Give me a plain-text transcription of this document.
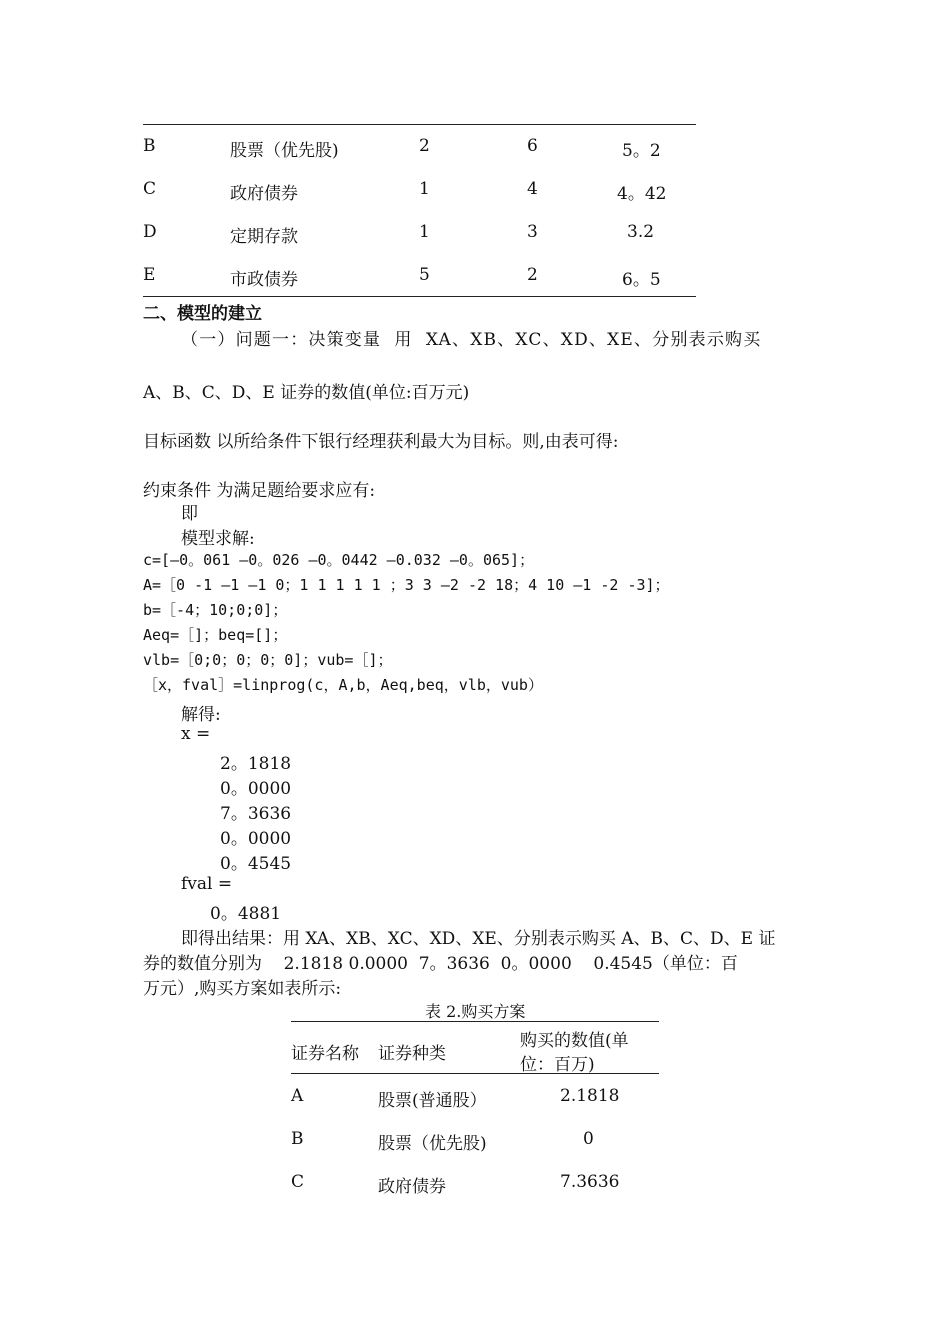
B	股票（优先股)	2	6	5。2
C	政府债券	1	4	4。42
D	定期存款	1	3	3.2
E	市政债券	5	2	6。5
二、模型的建立
（一）问题一：决策变量  用  XA、XB、XC、XD、XE、分别表示购买
A、B、C、D、E 证券的数值(单位:百万元)
目标函数 以所给条件下银行经理获利最大为目标。则,由表可得:
约束条件 为满足题给要求应有:
即
模型求解:
c=[—0。061 —0。026 —0。0442 —0.032 —0。065]；
A=［0 -1 —1 —1 0；1 1 1 1 1 ；3 3 —2 -2 18；4 10 —1 -2 -3]；
b=［-4；10;0;0]；
Aeq=［]；beq=[]；
vlb=［0;0；0；0；0]；vub=［]；
［x，fval］=linprog(c，A,b，Aeq,beq，vlb，vub）
解得:
x =
2。1818
0。0000
7。3636
0。0000
0。4545
fval =
0。4881
即得出结果：用 XA、XB、XC、XD、XE、分别表示购买 A、B、C、D、E 证
券的数值分别为    2.1818 0.0000  7。3636  0。0000    0.4545（单位：百
万元）,购买方案如表所示:
表 2.购买方案
证券名称 证券种类
购买的数值(单
位：百万)
A	股票(普通股）	2.1818
B	股票（优先股)	0
C	政府债券	7.3636
